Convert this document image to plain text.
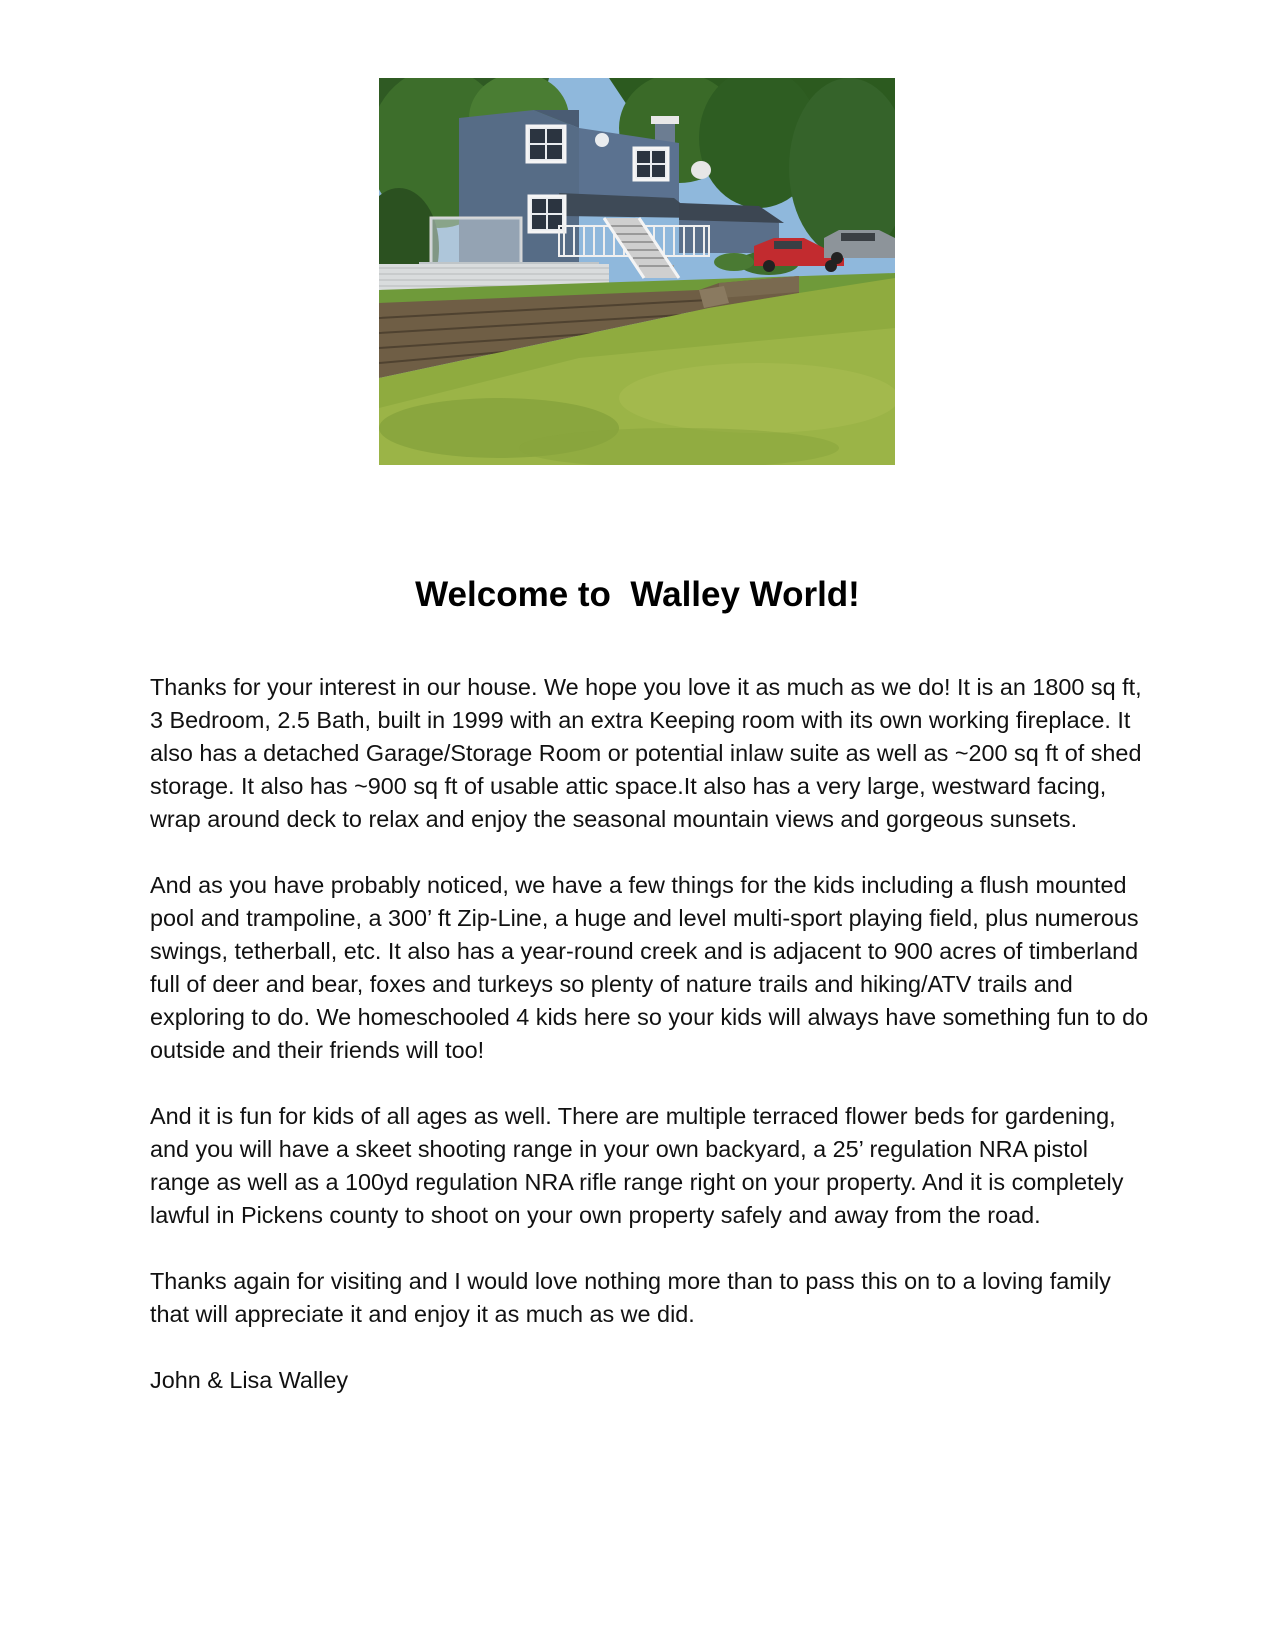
Welcome to  Walley World!

Thanks for your interest in our house. We hope you love it as much as we do! It is an 1800 sq ft, 3 Bedroom, 2.5 Bath, built in 1999 with an extra Keeping room with its own working fireplace. It also has a detached Garage/Storage Room or potential inlaw suite as well as ~200 sq ft of shed storage. It also has ~900 sq ft of usable attic space.It also has a very large, westward facing, wrap around deck to relax and enjoy the seasonal mountain views and gorgeous sunsets.

And as you have probably noticed, we have a few things for the kids including a flush mounted pool and trampoline, a 300’ ft Zip-Line, a huge and level multi-sport playing field, plus numerous swings, tetherball, etc. It also has a year-round creek and is adjacent to 900 acres of timberland full of deer and bear, foxes and turkeys so plenty of nature trails and hiking/ATV trails and exploring to do. We homeschooled 4 kids here so your kids will always have something fun to do outside and their friends will too!

And it is fun for kids of all ages as well. There are multiple terraced flower beds for gardening, and you will have a skeet shooting range in your own backyard, a 25’ regulation NRA pistol range as well as a 100yd regulation NRA rifle range right on your property. And it is completely lawful in Pickens county to shoot on your own property safely and away from the road.

Thanks again for visiting and I would love nothing more than to pass this on to a loving family that will appreciate it and enjoy it as much as we did.

John & Lisa Walley
